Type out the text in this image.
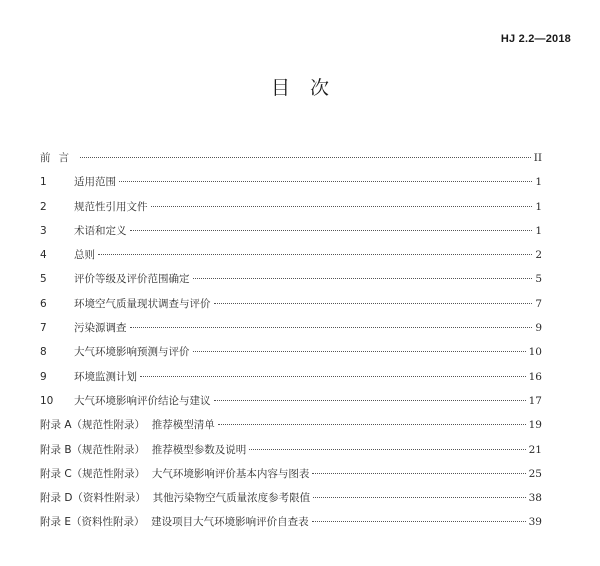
HJ 2.2—2018
目次
前言	II
1	适用范围	1
2	规范性引用文件	1
3	术语和定义	1
4	总则	2
5	评价等级及评价范围确定	5
6	环境空气质量现状调查与评价	7
7	污染源调查	9
8	大气环境影响预测与评价	10
9	环境监测计划	16
10	大气环境影响评价结论与建议	17
附录 A（规范性附录）  推荐模型清单	19
附录 B（规范性附录）  推荐模型参数及说明	21
附录 C（规范性附录）  大气环境影响评价基本内容与图表	25
附录 D（资料性附录）  其他污染物空气质量浓度参考限值	38
附录 E（资料性附录）  建设项目大气环境影响评价自查表	39
